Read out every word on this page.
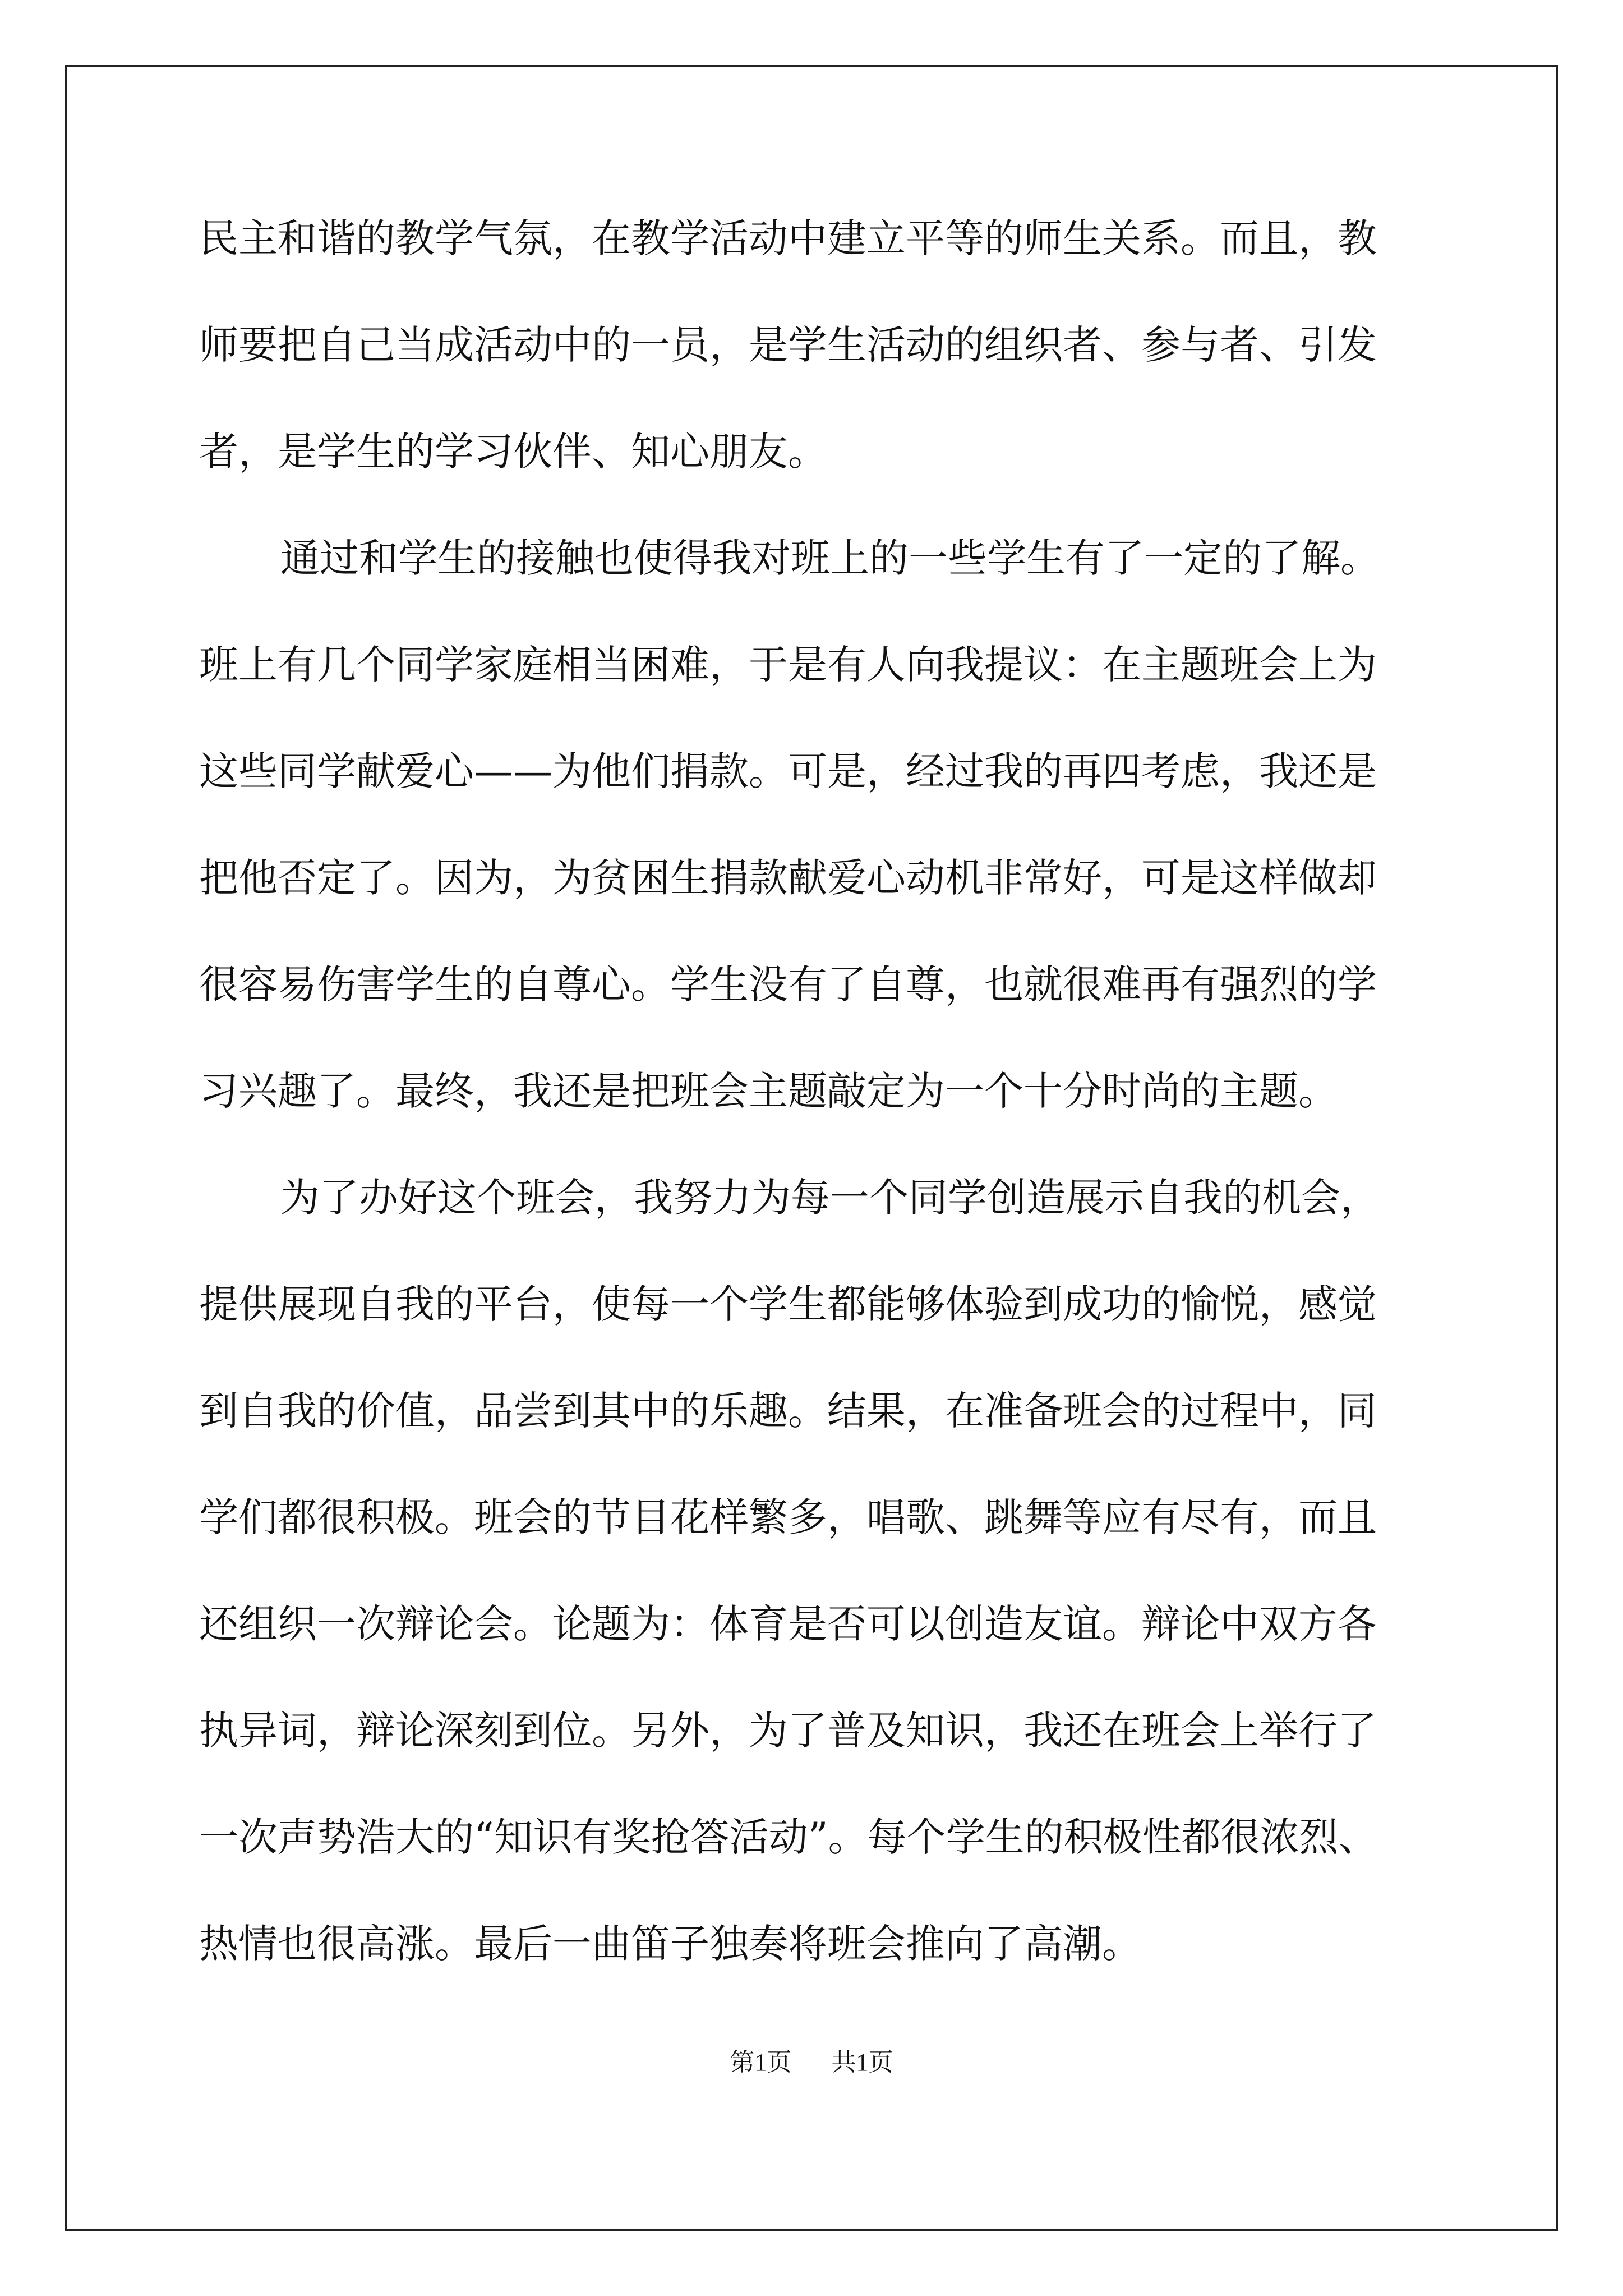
民主和谐的教学气氛，在教学活动中建立平等的师生关系。而且，教
师要把自己当成活动中的一员，是学生活动的组织者、参与者、引发
者，是学生的学习伙伴、知心朋友。
通过和学生的接触也使得我对班上的一些学生有了一定的了解。
班上有几个同学家庭相当困难，于是有人向我提议：在主题班会上为
这些同学献爱心——为他们捐款。可是，经过我的再四考虑，我还是
把他否定了。因为，为贫困生捐款献爱心动机非常好，可是这样做却
很容易伤害学生的自尊心。学生没有了自尊，也就很难再有强烈的学
习兴趣了。最终，我还是把班会主题敲定为一个十分时尚的主题。
为了办好这个班会，我努力为每一个同学创造展示自我的机会，
提供展现自我的平台，使每一个学生都能够体验到成功的愉悦，感觉
到自我的价值，品尝到其中的乐趣。结果，在准备班会的过程中，同
学们都很积极。班会的节目花样繁多，唱歌、跳舞等应有尽有，而且
还组织一次辩论会。论题为：体育是否可以创造友谊。辩论中双方各
执异词，辩论深刻到位。另外，为了普及知识，我还在班会上举行了
一次声势浩大的“知识有奖抢答活动”。每个学生的积极性都很浓烈、
热情也很高涨。最后一曲笛子独奏将班会推向了高潮。
第1页 共1页
